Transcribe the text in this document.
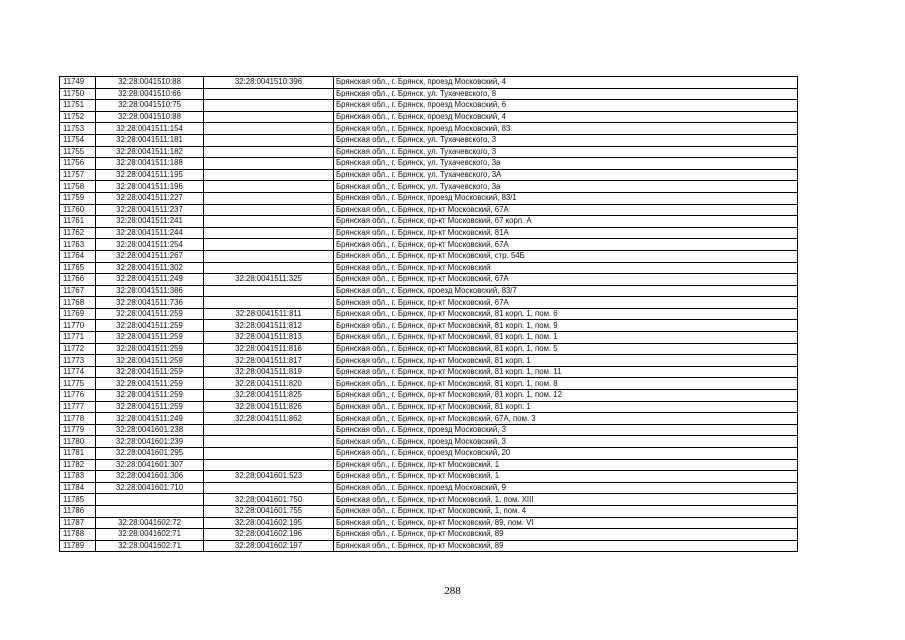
11749	32:28:0041510:88	32:28:0041510:396	Брянская обл., г. Брянск, проезд Московский, 4
11750	32:28:0041510:66		Брянская обл., г. Брянск, ул. Тухачевского, 8
11751	32:28:0041510:75		Брянская обл., г. Брянск, проезд Московский, 6
11752	32:28:0041510:88		Брянская обл., г. Брянск, проезд Московский, 4
11753	32:28:0041511:154		Брянская обл., г. Брянск, проезд Московский, 83
11754	32:28:0041511:181		Брянская обл., г. Брянск, ул. Тухачевского, 3
11755	32:28:0041511:182		Брянская обл., г. Брянск, ул. Тухачевского, 3
11756	32:28:0041511:188		Брянская обл., г. Брянск, ул. Тухачевского, 3а
11757	32:28:0041511:195		Брянская обл., г. Брянск, ул. Тухачевского, 3А
11758	32:28:0041511:196		Брянская обл., г. Брянск, ул. Тухачевского, 3а
11759	32:28:0041511:227		Брянская обл., г. Брянск, проезд Московский, 83/1
11760	32:28:0041511:237		Брянская обл., г. Брянск, пр-кт Московский, 67А
11761	32:28:0041511:241		Брянская обл., г. Брянск, пр-кт Московский, 67 корп. А
11762	32:28:0041511:244		Брянская обл., г. Брянск, пр-кт Московский, 81А
11763	32:28:0041511:254		Брянская обл., г. Брянск, пр-кт Московский, 67А
11764	32:28:0041511:267		Брянская обл., г. Брянск, пр-кт Московский, стр. 54Б
11765	32:28:0041511:302		Брянская обл., г. Брянск, пр-кт Московский
11766	32:28:0041511:249	32:28:0041511:325	Брянская обл., г. Брянск, пр-кт Московский, 67А
11767	32:28:0041511:386		Брянская обл., г. Брянск, проезд Московский, 83/7
11768	32:28:0041511:736		Брянская обл., г. Брянск, пр-кт Московский, 67А
11769	32:28:0041511:259	32:28:0041511:811	Брянская обл., г. Брянск, пр-кт Московский, 81 корп. 1, пом. 6
11770	32:28:0041511:259	32:28:0041511:812	Брянская обл., г. Брянск, пр-кт Московский, 81 корп. 1, пом. 9
11771	32:28:0041511:259	32:28:0041511:813	Брянская обл., г. Брянск, пр-кт Московский, 81 корп. 1, пом. 1
11772	32:28:0041511:259	32:28:0041511:816	Брянская обл., г. Брянск, пр-кт Московский, 81 корп. 1, пом. 5
11773	32:28:0041511:259	32:28:0041511:817	Брянская обл., г. Брянск, пр-кт Московский, 81 корп. 1
11774	32:28:0041511:259	32:28:0041511:819	Брянская обл., г. Брянск, пр-кт Московский, 81 корп. 1, пом. 11
11775	32:28:0041511:259	32:28:0041511:820	Брянская обл., г. Брянск, пр-кт Московский, 81 корп. 1, пом. 8
11776	32:28:0041511:259	32:28:0041511:825	Брянская обл., г. Брянск, пр-кт Московский, 81 корп. 1, пом. 12
11777	32:28:0041511:259	32:28:0041511:826	Брянская обл., г. Брянск, пр-кт Московский, 81 корп. 1
11778	32:28:0041511:249	32:28:0041511:862	Брянская обл., г. Брянск, пр-кт Московский, 67А, пом. 3
11779	32:28:0041601:238		Брянская обл., г. Брянск, проезд Московский, 3
11780	32:28:0041601:239		Брянская обл., г. Брянск, проезд Московский, 3
11781	32:28:0041601:295		Брянская обл., г. Брянск, проезд Московский, 20
11782	32:28:0041601:307		Брянская обл., г. Брянск, пр-кт Московский, 1
11783	32:28:0041601:306	32:28:0041601:523	Брянская обл., г. Брянск, пр-кт Московский, 1
11784	32:28:0041601:710		Брянская обл., г. Брянск, проезд Московский, 9
11785		32:28:0041601:750	Брянская обл., г. Брянск, пр-кт Московский, 1, пом. XIII
11786		32:28:0041601:755	Брянская обл., г. Брянск, пр-кт Московский, 1, пом. 4
11787	32:28:0041602:72	32:28:0041602:195	Брянская обл., г. Брянск, пр-кт Московский, 89, пом. VI
11788	32:28:0041602:71	32:28:0041602:196	Брянская обл., г. Брянск, пр-кт Московский, 89
11789	32:28:0041602:71	32:28:0041602:197	Брянская обл., г. Брянск, пр-кт Московский, 89
288
